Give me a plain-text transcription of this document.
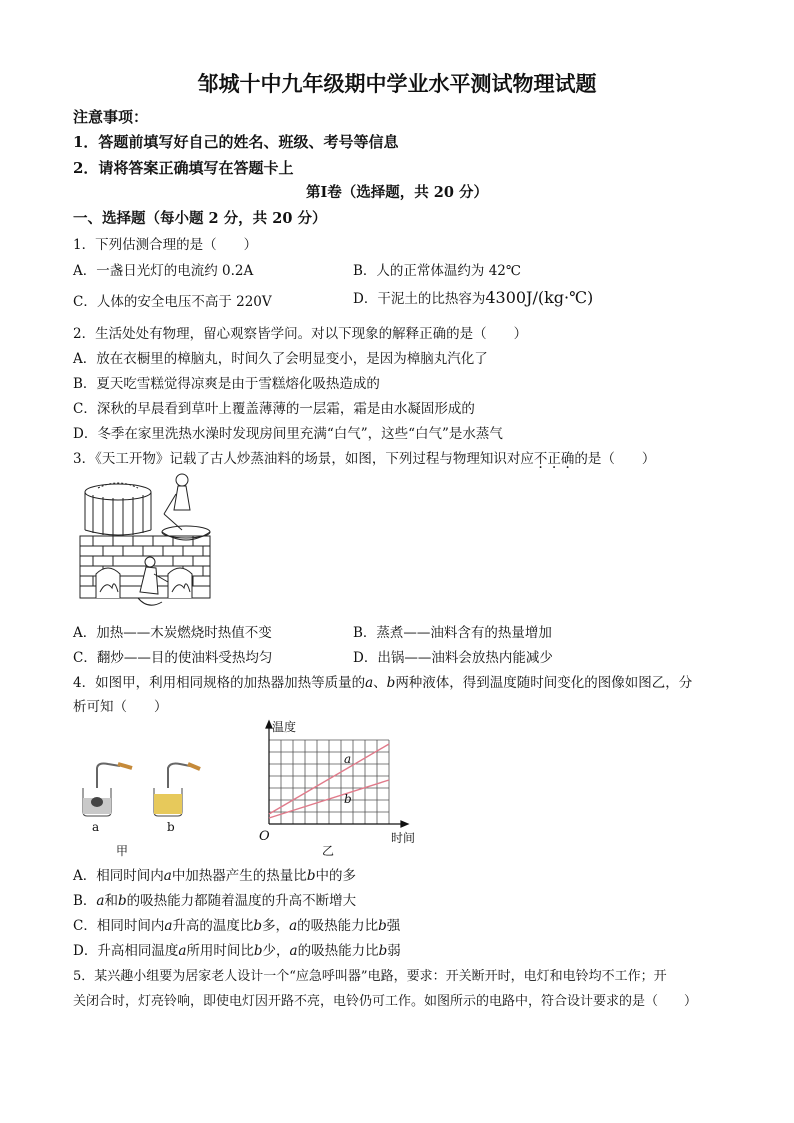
邹城十中九年级期中学业水平测试物理试题
注意事项：
1．答题前填写好自己的姓名、班级、考号等信息
2．请将答案正确填写在答题卡上
第Ⅰ卷（选择题，共 20 分）
一、选择题（每小题 2 分，共 20 分）
1．下列估测合理的是（　　）
A．一盏日光灯的电流约 0.2A	B．人的正常体温约为 42℃
C．人体的安全电压不高于 220V	D．干泥土的比热容为4300J/(kg·℃)
2．生活处处有物理，留心观察皆学问。对以下现象的解释正确的是（　　）
A．放在衣橱里的樟脑丸，时间久了会明显变小，是因为樟脑丸汽化了
B．夏天吃雪糕觉得凉爽是由于雪糕熔化吸热造成的
C．深秋的早晨看到草叶上覆盖薄薄的一层霜，霜是由水凝固形成的
D．冬季在家里洗热水澡时发现房间里充满“白气”，这些“白气”是水蒸气
3．《天工开物》记载了古人炒蒸油料的场景，如图，下列过程与物理知识对应不正确的是（　　）
A．加热——木炭燃烧时热值不变	B．蒸煮——油料含有的热量增加
C．翻炒——目的使油料受热均匀	D．出锅——油料会放热内能减少
4．如图甲，利用相同规格的加热器加热等质量的a、b两种液体，得到温度随时间变化的图像如图乙，分
析可知（　　）
a	b
甲
温度
时间
O
a
b
乙
A．相同时间内a中加热器产生的热量比b中的多
B．a和b的吸热能力都随着温度的升高不断增大
C．相同时间内a升高的温度比b多，a的吸热能力比b强
D．升高相同温度a所用时间比b少，a的吸热能力比b弱
5．某兴趣小组要为居家老人设计一个“应急呼叫器”电路，要求：开关断开时，电灯和电铃均不工作；开
关闭合时，灯亮铃响，即使电灯因开路不亮，电铃仍可工作。如图所示的电路中，符合设计要求的是（　　）
